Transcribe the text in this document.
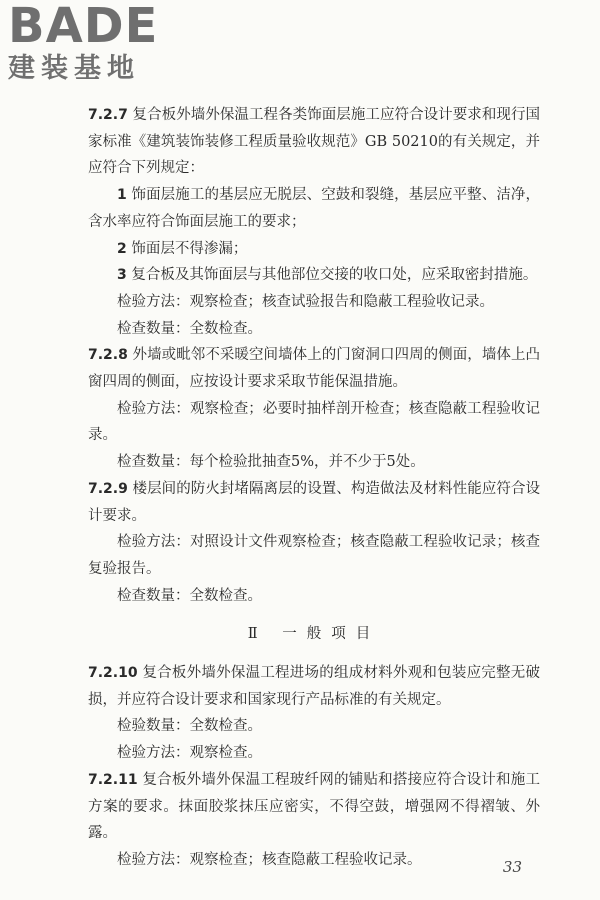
BADE
建装基地

7.2.7 复合板外墙外保温工程各类饰面层施工应符合设计要求和现行国家标准《建筑装饰装修工程质量验收规范》GB 50210的有关规定，并应符合下列规定：

1 饰面层施工的基层应无脱层、空鼓和裂缝，基层应平整、洁净，含水率应符合饰面层施工的要求；

2 饰面层不得渗漏；

3 复合板及其饰面层与其他部位交接的收口处，应采取密封措施。

检验方法：观察检查；核查试验报告和隐蔽工程验收记录。

检查数量：全数检查。

7.2.8 外墙或毗邻不采暖空间墙体上的门窗洞口四周的侧面，墙体上凸窗四周的侧面，应按设计要求采取节能保温措施。

检验方法：观察检查；必要时抽样剖开检查；核查隐蔽工程验收记录。

检查数量：每个检验批抽查5%，并不少于5处。

7.2.9 楼层间的防火封堵隔离层的设置、构造做法及材料性能应符合设计要求。

检验方法：对照设计文件观察检查；核查隐蔽工程验收记录；核查复验报告。

检查数量：全数检查。

Ⅱ 一般项目

7.2.10 复合板外墙外保温工程进场的组成材料外观和包装应完整无破损，并应符合设计要求和国家现行产品标准的有关规定。

检验数量：全数检查。

检验方法：观察检查。

7.2.11 复合板外墙外保温工程玻纤网的铺贴和搭接应符合设计和施工方案的要求。抹面胶浆抹压应密实，不得空鼓，增强网不得褶皱、外露。

检验方法：观察检查；核查隐蔽工程验收记录。	33
